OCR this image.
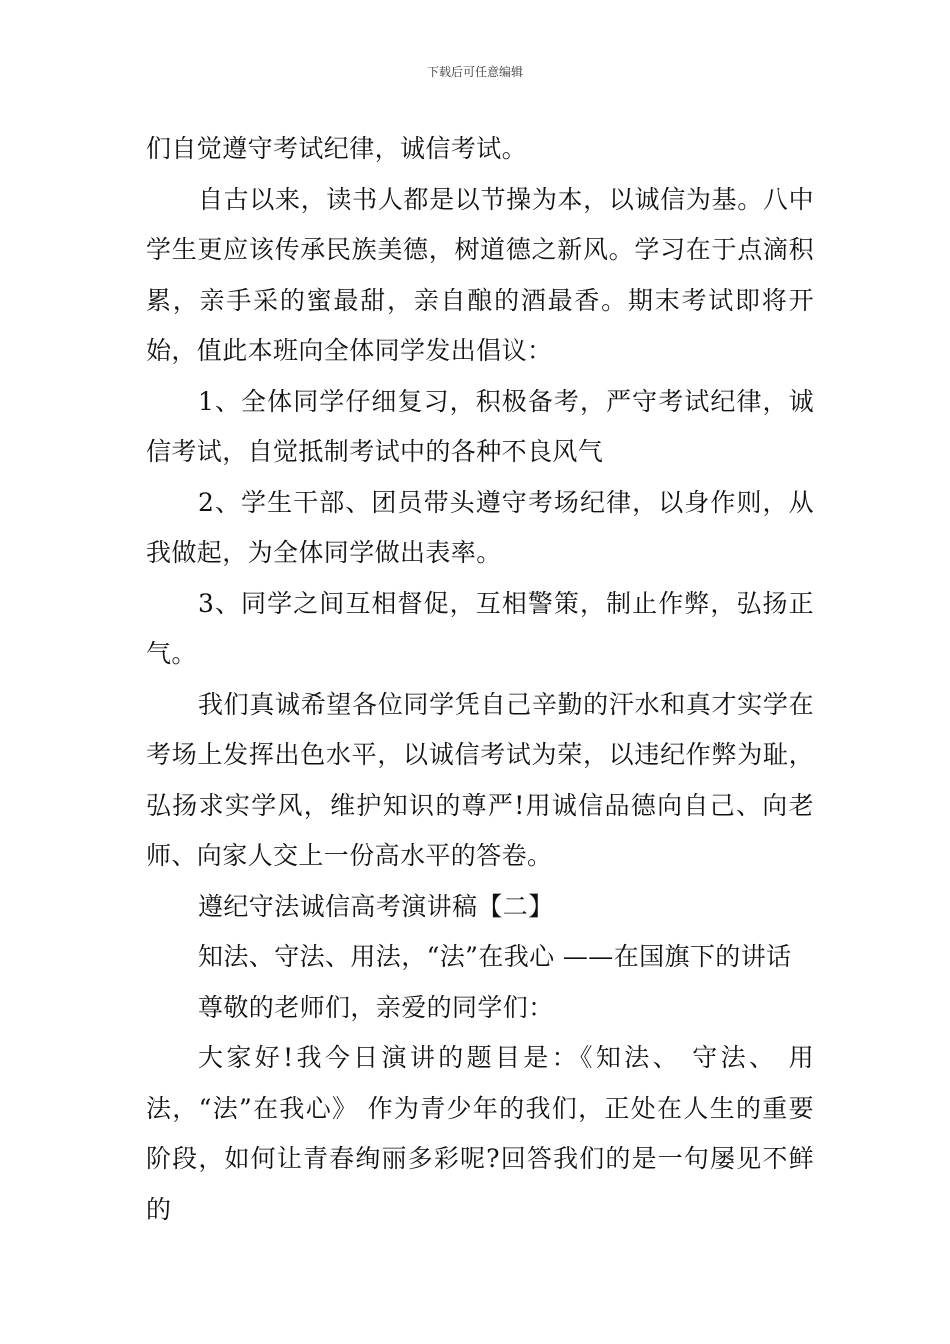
下载后可任意编辑

们自觉遵守考试纪律，诚信考试。

自古以来，读书人都是以节操为本，以诚信为基。八中学生更应该传承民族美德，树道德之新风。学习在于点滴积累，亲手采的蜜最甜，亲自酿的酒最香。期末考试即将开始，值此本班向全体同学发出倡议：

1、全体同学仔细复习，积极备考，严守考试纪律，诚信考试，自觉抵制考试中的各种不良风气

2、学生干部、团员带头遵守考场纪律，以身作则，从我做起，为全体同学做出表率。

3、同学之间互相督促，互相警策，制止作弊，弘扬正气。

我们真诚希望各位同学凭自己辛勤的汗水和真才实学在考场上发挥出色水平，以诚信考试为荣，以违纪作弊为耻，弘扬求实学风，维护知识的尊严!用诚信品德向自己、向老师、向家人交上一份高水平的答卷。

遵纪守法诚信高考演讲稿【二】

知法、守法、用法，“法”在我心 ——在国旗下的讲话

尊敬的老师们，亲爱的同学们：

大家好!我今日演讲的题目是：《知法、 守法、 用法，“法”在我心》 作为青少年的我们，正处在人生的重要阶段，如何让青春绚丽多彩呢?回答我们的是一句屡见不鲜的
